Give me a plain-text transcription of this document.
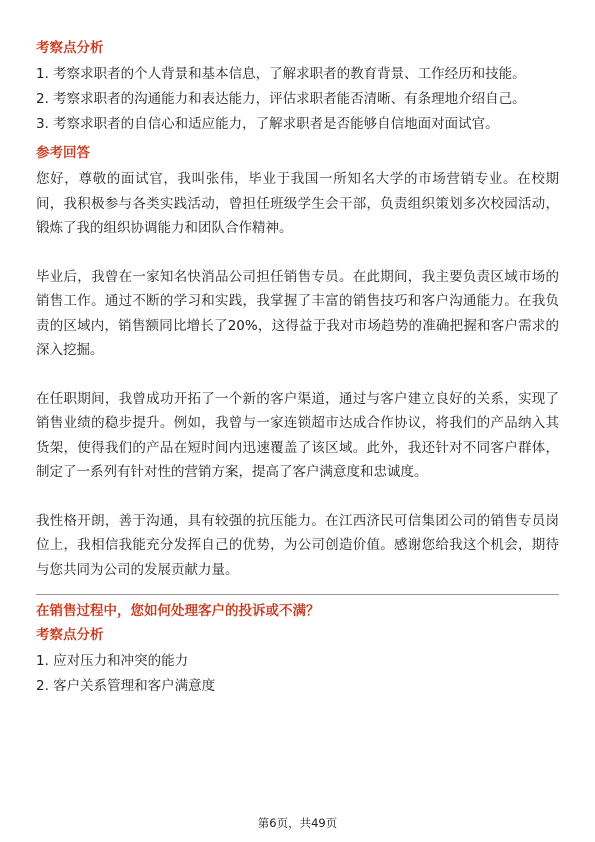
考察点分析
1. 考察求职者的个人背景和基本信息，了解求职者的教育背景、工作经历和技能。
2. 考察求职者的沟通能力和表达能力，评估求职者能否清晰、有条理地介绍自己。
3. 考察求职者的自信心和适应能力，了解求职者是否能够自信地面对面试官。
参考回答
您好，尊敬的面试官，我叫张伟，毕业于我国一所知名大学的市场营销专业。在校期间，我积极参与各类实践活动，曾担任班级学生会干部，负责组织策划多次校园活动，锻炼了我的组织协调能力和团队合作精神。
毕业后，我曾在一家知名快消品公司担任销售专员。在此期间，我主要负责区域市场的销售工作。通过不断的学习和实践，我掌握了丰富的销售技巧和客户沟通能力。在我负责的区域内，销售额同比增长了20%，这得益于我对市场趋势的准确把握和客户需求的深入挖掘。
在任职期间，我曾成功开拓了一个新的客户渠道，通过与客户建立良好的关系，实现了销售业绩的稳步提升。例如，我曾与一家连锁超市达成合作协议，将我们的产品纳入其货架，使得我们的产品在短时间内迅速覆盖了该区域。此外，我还针对不同客户群体，制定了一系列有针对性的营销方案，提高了客户满意度和忠诚度。
我性格开朗，善于沟通，具有较强的抗压能力。在江西济民可信集团公司的销售专员岗位上，我相信我能充分发挥自己的优势，为公司创造价值。感谢您给我这个机会，期待与您共同为公司的发展贡献力量。
在销售过程中，您如何处理客户的投诉或不满？
考察点分析
1. 应对压力和冲突的能力
2. 客户关系管理和客户满意度
第6页，共49页
